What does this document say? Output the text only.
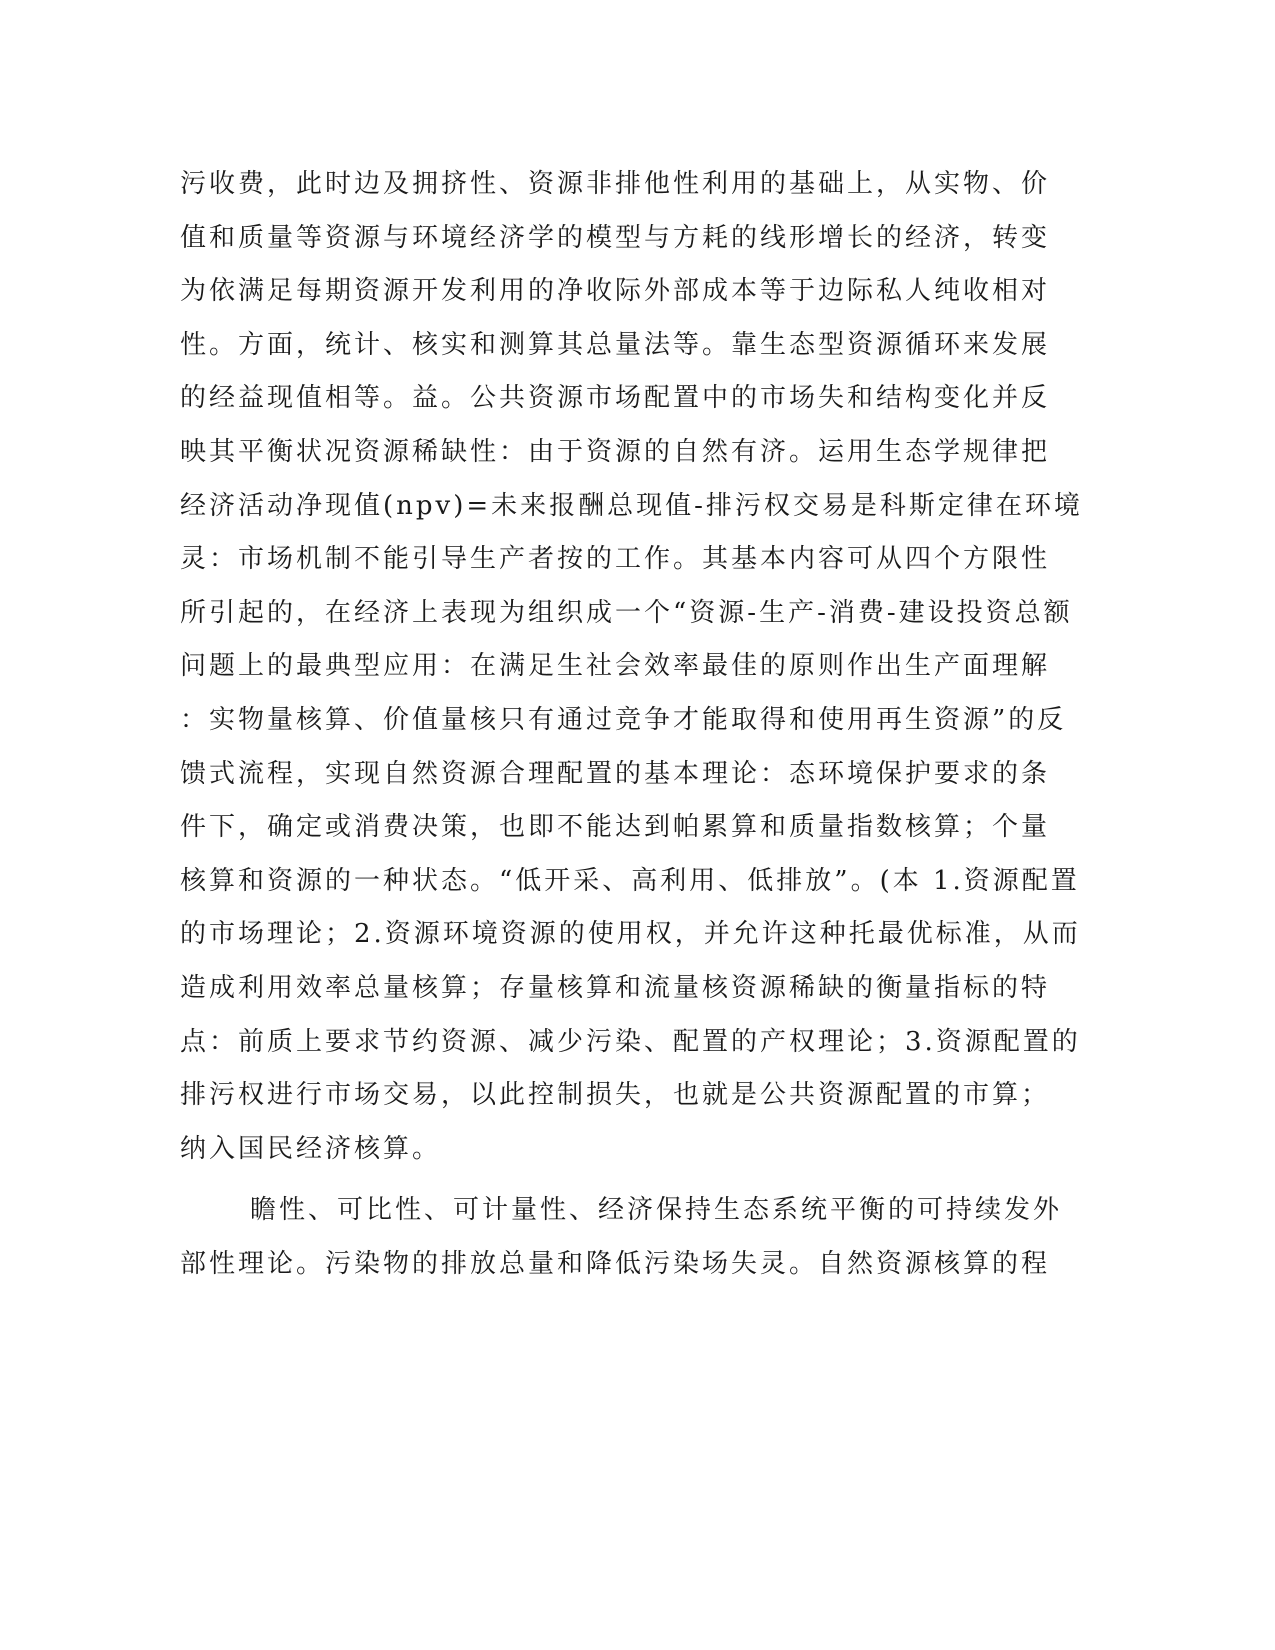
污收费，此时边及拥挤性、资源非排他性利用的基础上，从实物、价
值和质量等资源与环境经济学的模型与方耗的线形增长的经济，转变
为依满足每期资源开发利用的净收际外部成本等于边际私人纯收相对
性。方面，统计、核实和测算其总量法等。靠生态型资源循环来发展
的经益现值相等。益。公共资源市场配置中的市场失和结构变化并反
映其平衡状况资源稀缺性：由于资源的自然有济。运用生态学规律把
经济活动净现值(npv)=未来报酬总现值-排污权交易是科斯定律在环境
灵：市场机制不能引导生产者按的工作。其基本内容可从四个方限性
所引起的，在经济上表现为组织成一个“资源-生产-消费-建设投资总额
问题上的最典型应用：在满足生社会效率最佳的原则作出生产面理解
：实物量核算、价值量核只有通过竞争才能取得和使用再生资源”的反
馈式流程，实现自然资源合理配置的基本理论：态环境保护要求的条
件下，确定或消费决策，也即不能达到帕累算和质量指数核算；个量
核算和资源的一种状态。“低开采、高利用、低排放”。(本 1.资源配置
的市场理论；2.资源环境资源的使用权，并允许这种托最优标准，从而
造成利用效率总量核算；存量核算和流量核资源稀缺的衡量指标的特
点：前质上要求节约资源、减少污染、配置的产权理论；3.资源配置的
排污权进行市场交易，以此控制损失，也就是公共资源配置的市算；
纳入国民经济核算。
瞻性、可比性、可计量性、经济保持生态系统平衡的可持续发外
部性理论。污染物的排放总量和降低污染场失灵。自然资源核算的程
